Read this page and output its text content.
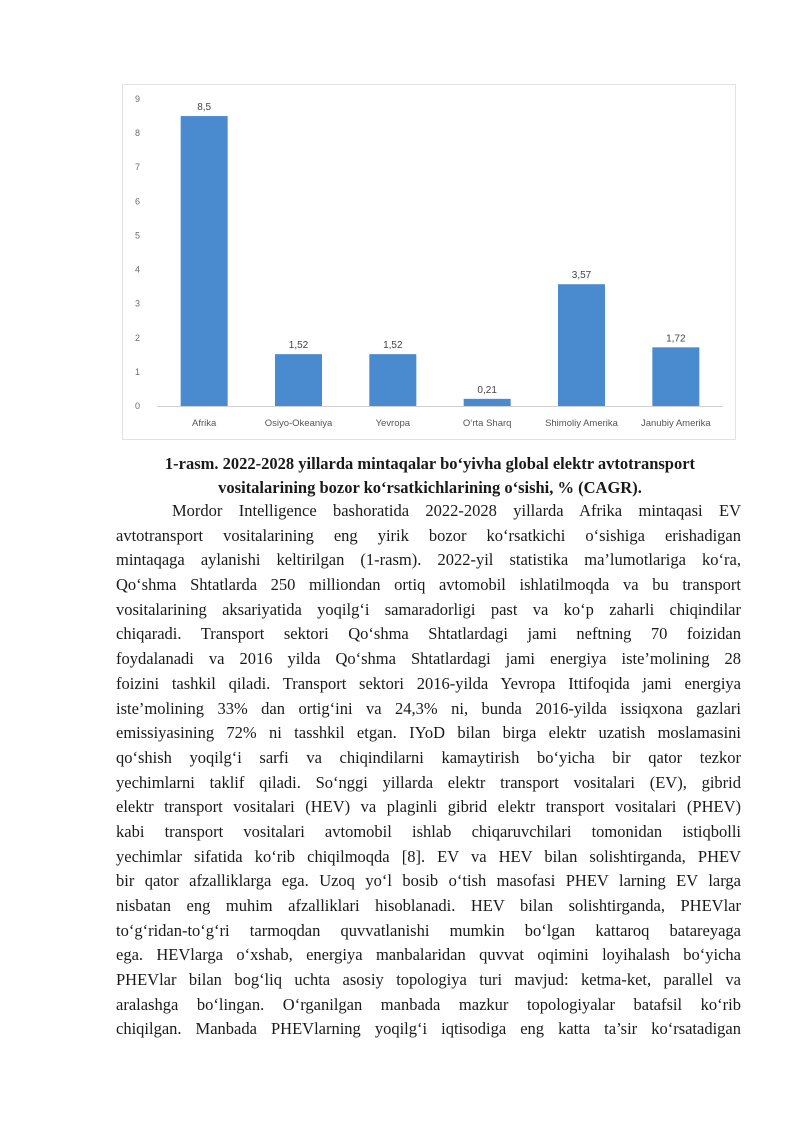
0
1
2
3
4
5
6
7
8
9
8,5
Afrika
1,52
Osiyo-Okeaniya
1,52
Yevropa
0,21
O‘rta Sharq
3,57
Shimoliy Amerika
1,72
Janubiy Amerika
1-rasm. 2022-2028 yillarda mintaqalar bo‘yivha global elektr avtotransport
vositalarining bozor ko‘rsatkichlarining o‘sishi, % (CAGR).
Mordor Intelligence bashoratida 2022-2028 yillarda Afrika mintaqasi EV
avtotransport vositalarining eng yirik bozor ko‘rsatkichi o‘sishiga erishadigan
mintaqaga aylanishi keltirilgan (1-rasm). 2022-yil statistika ma’lumotlariga ko‘ra,
Qo‘shma Shtatlarda 250 milliondan ortiq avtomobil ishlatilmoqda va bu transport
vositalarining aksariyatida yoqilg‘i samaradorligi past va ko‘p zaharli chiqindilar
chiqaradi. Transport sektori Qo‘shma Shtatlardagi jami neftning 70 foizidan
foydalanadi va 2016 yilda Qo‘shma Shtatlardagi jami energiya iste’molining 28
foizini tashkil qiladi. Transport sektori 2016-yilda Yevropa Ittifoqida jami energiya
iste’molining 33% dan ortig‘ini va 24,3% ni, bunda 2016-yilda issiqxona gazlari
emissiyasining 72% ni tasshkil etgan. IYoD bilan birga elektr uzatish moslamasini
qo‘shish yoqilg‘i sarfi va chiqindilarni kamaytirish bo‘yicha bir qator tezkor
yechimlarni taklif qiladi. So‘nggi yillarda elektr transport vositalari (EV), gibrid
elektr transport vositalari (HEV) va plaginli gibrid elektr transport vositalari (PHEV)
kabi transport vositalari avtomobil ishlab chiqaruvchilari tomonidan istiqbolli
yechimlar sifatida ko‘rib chiqilmoqda [8]. EV va HEV bilan solishtirganda, PHEV
bir qator afzalliklarga ega. Uzoq yo‘l bosib o‘tish masofasi PHEV larning EV larga
nisbatan eng muhim afzalliklari hisoblanadi. HEV bilan solishtirganda, PHEVlar
to‘g‘ridan-to‘g‘ri tarmoqdan quvvatlanishi mumkin bo‘lgan kattaroq batareyaga
ega. HEVlarga o‘xshab, energiya manbalaridan quvvat oqimini loyihalash bo‘yicha
PHEVlar bilan bog‘liq uchta asosiy topologiya turi mavjud: ketma-ket, parallel va
aralashga bo‘lingan. O‘rganilgan manbada mazkur topologiyalar batafsil ko‘rib
chiqilgan. Manbada PHEVlarning yoqilg‘i iqtisodiga eng katta ta’sir ko‘rsatadigan
